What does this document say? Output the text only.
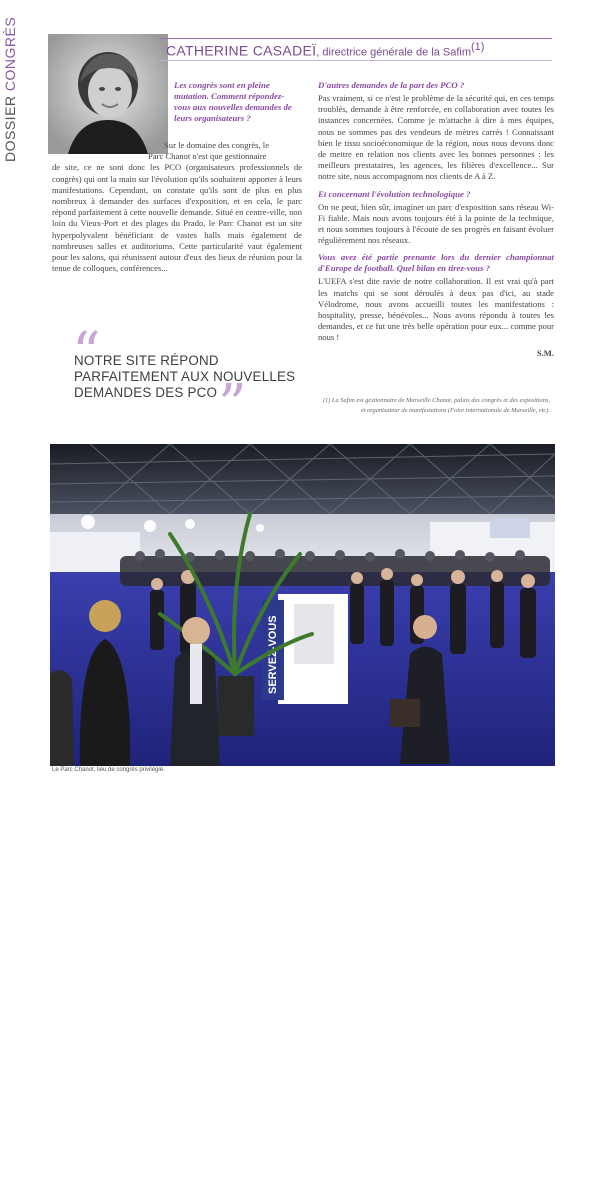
DOSSIER CONGRÈS	CATHERINE CASADEÏ, directrice générale de la Safim$^{(1)}$
Les congrès sont en pleine mutation. Comment répondez-vous aux nouvelles demandes de leurs organisateurs ?
Sur le domaine des congrès, le
Parc Chanot n'est que gestionnaire
de site, ce ne sont donc les PCO (organisateurs professionnels de congrès) qui ont la main sur l'évolution qu'ils souhaitent apporter à leurs manifestations. Cependant, on constate qu'ils sont de plus en plus nombreux à demander des surfaces d'exposition, et en cela, le parc répond parfaitement à cette nouvelle demande. Situé en centre-ville, non loin du Vieux-Port et des plages du Prado, le Parc Chanot est un site hyperpolyvalent bénéficiant de vastes halls mais également de nombreuses salles et auditoriums. Cette particularité vaut également pour les salons, qui réunissent autour d'eux des lieux de réunion pour la tenue de colloques, conférences...
“
NOTRE SITE RÉPOND PARFAITEMENT AUX NOUVELLES DEMANDES DES PCO ”
D'autres demandes de la part des PCO ?

Pas vraiment, si ce n'est le problème de la sécurité qui, en ces temps troublés, demande à être renforcée, en collaboration avec toutes les instances concernées. Comme je m'attache à dire à mes équipes, nous ne sommes pas des vendeurs de mètres carrés ! Connaissant bien le tissu socioéconomique de la région, nous nous devons donc de mettre en relation nos clients avec les bonnes personnes : les meilleurs prestataires, les agences, les filières d'excellence... Sur notre site, nous accompagnons nos clients de A à Z.

Et concernant l'évolution technologique ?

On ne peut, bien sûr, imaginer un parc d'exposition sans réseau Wi-Fi fiable. Mais nous avons toujours été à la pointe de la technique, et nous sommes toujours à l'écoute de ses progrès en faisant évoluer régulièrement nos réseaux.

Vous avez été partie prenante lors du dernier championnat d'Europe de football. Quel bilan en tirez-vous ?

L'UEFA s'est dite ravie de notre collaboration. Il est vrai qu'à part les matchs qui se sont déroulés à deux pas d'ici, au stade Vélodrome, nous avons accueilli toutes les manifestations : hospitality, presse, bénévoles... Nous avons répondu à toutes les demandes, et ce fut une très belle opération pour eux... comme pour nous !

S.M.

(1) La Safim est gestionnaire de Marseille Chanot, palais des congrès et des expositions, et organisateur de manifestations (Foire internationale de Marseille, etc).
SERVEZ-VOUS
© GETTY IMAGES
Le Parc Chanot, lieu de congrès privilégié.
